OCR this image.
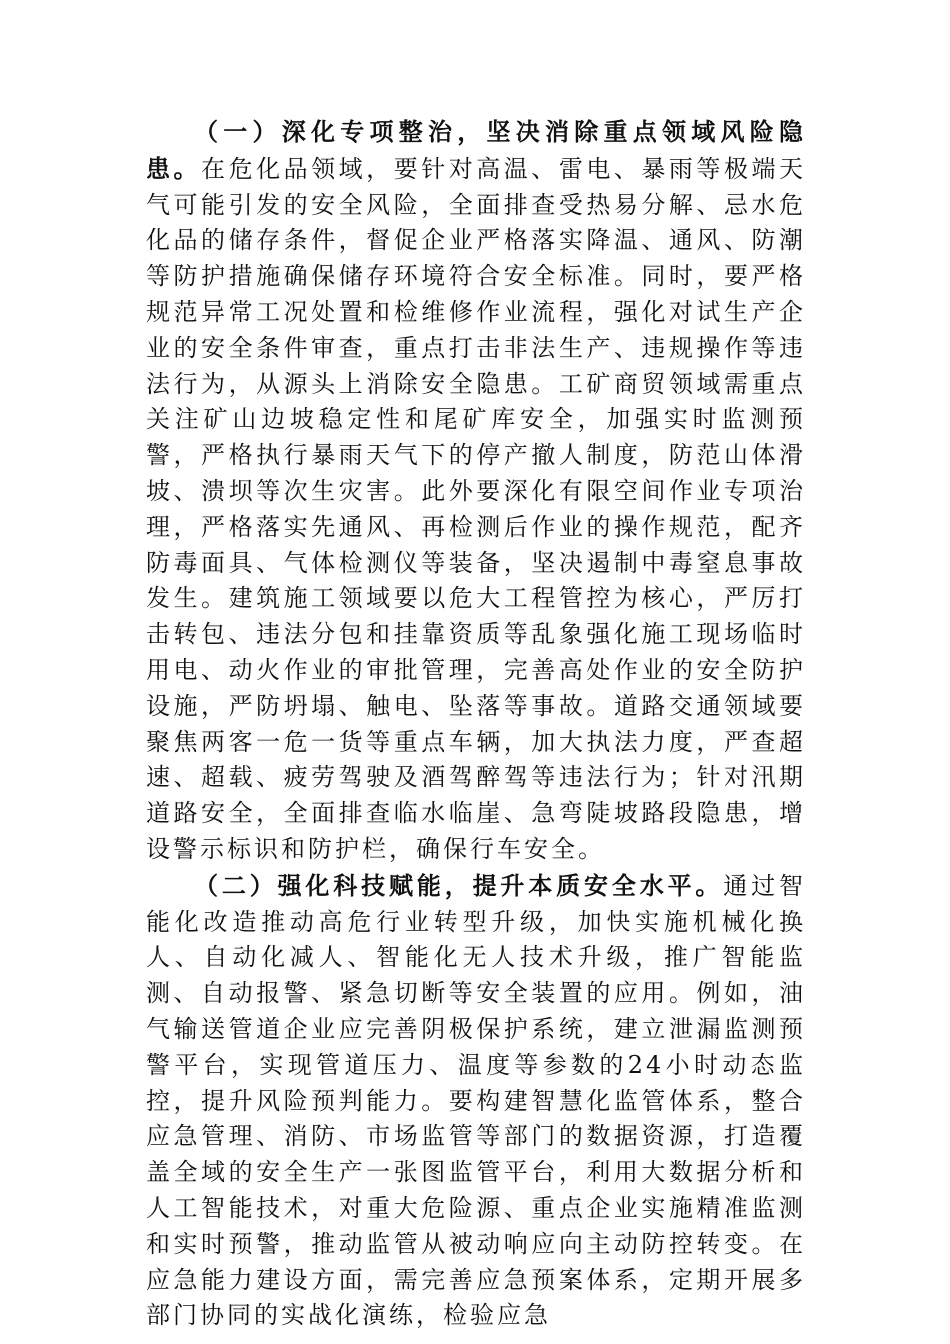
（一）深化专项整治，坚决消除重点领域风险隐患。在危化品领域，要针对高温、雷电、暴雨等极端天气可能引发的安全风险，全面排查受热易分解、忌水危化品的储存条件，督促企业严格落实降温、通风、防潮等防护措施确保储存环境符合安全标准。同时，要严格规范异常工况处置和检维修作业流程，强化对试生产企业的安全条件审查，重点打击非法生产、违规操作等违法行为，从源头上消除安全隐患。工矿商贸领域需重点关注矿山边坡稳定性和尾矿库安全，加强实时监测预警，严格执行暴雨天气下的停产撤人制度，防范山体滑坡、溃坝等次生灾害。此外要深化有限空间作业专项治理，严格落实先通风、再检测后作业的操作规范，配齐防毒面具、气体检测仪等装备，坚决遏制中毒窒息事故发生。建筑施工领域要以危大工程管控为核心，严厉打击转包、违法分包和挂靠资质等乱象强化施工现场临时用电、动火作业的审批管理，完善高处作业的安全防护设施，严防坍塌、触电、坠落等事故。道路交通领域要聚焦两客一危一货等重点车辆，加大执法力度，严查超速、超载、疲劳驾驶及酒驾醉驾等违法行为；针对汛期道路安全，全面排查临水临崖、急弯陡坡路段隐患，增设警示标识和防护栏，确保行车安全。

（二）强化科技赋能，提升本质安全水平。通过智能化改造推动高危行业转型升级，加快实施机械化换人、自动化减人、智能化无人技术升级，推广智能监测、自动报警、紧急切断等安全装置的应用。例如，油气输送管道企业应完善阴极保护系统，建立泄漏监测预警平台，实现管道压力、温度等参数的24小时动态监控，提升风险预判能力。要构建智慧化监管体系，整合应急管理、消防、市场监管等部门的数据资源，打造覆盖全域的安全生产一张图监管平台，利用大数据分析和人工智能技术，对重大危险源、重点企业实施精准监测和实时预警，推动监管从被动响应向主动防控转变。在应急能力建设方面，需完善应急预案体系，定期开展多部门协同的实战化演练，检验应急
